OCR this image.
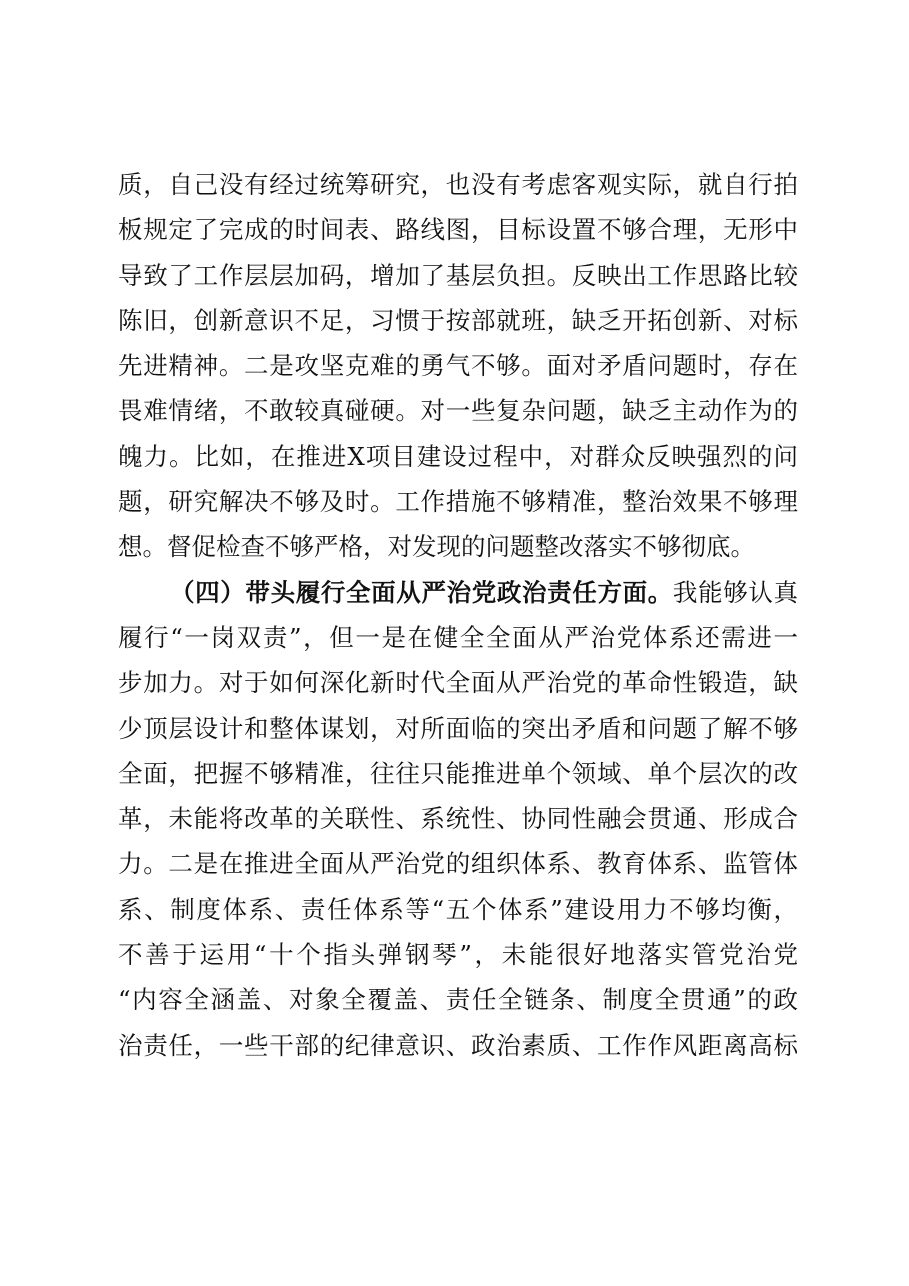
质，自己没有经过统筹研究，也没有考虑客观实际，就自行拍
板规定了完成的时间表、路线图，目标设置不够合理，无形中
导致了工作层层加码，增加了基层负担。反映出工作思路比较
陈旧，创新意识不足，习惯于按部就班，缺乏开拓创新、对标
先进精神。二是攻坚克难的勇气不够。面对矛盾问题时，存在
畏难情绪，不敢较真碰硬。对一些复杂问题，缺乏主动作为的
魄力。比如，在推进X项目建设过程中，对群众反映强烈的问
题，研究解决不够及时。工作措施不够精准，整治效果不够理
想。督促检查不够严格，对发现的问题整改落实不够彻底。
（四）带头履行全面从严治党政治责任方面。我能够认真
履行“一岗双责”，但一是在健全全面从严治党体系还需进一
步加力。对于如何深化新时代全面从严治党的革命性锻造，缺
少顶层设计和整体谋划，对所面临的突出矛盾和问题了解不够
全面，把握不够精准，往往只能推进单个领域、单个层次的改
革，未能将改革的关联性、系统性、协同性融会贯通、形成合
力。二是在推进全面从严治党的组织体系、教育体系、监管体
系、制度体系、责任体系等“五个体系”建设用力不够均衡，
不善于运用“十个指头弹钢琴”，未能很好地落实管党治党
“内容全涵盖、对象全覆盖、责任全链条、制度全贯通”的政
治责任，一些干部的纪律意识、政治素质、工作作风距离高标
